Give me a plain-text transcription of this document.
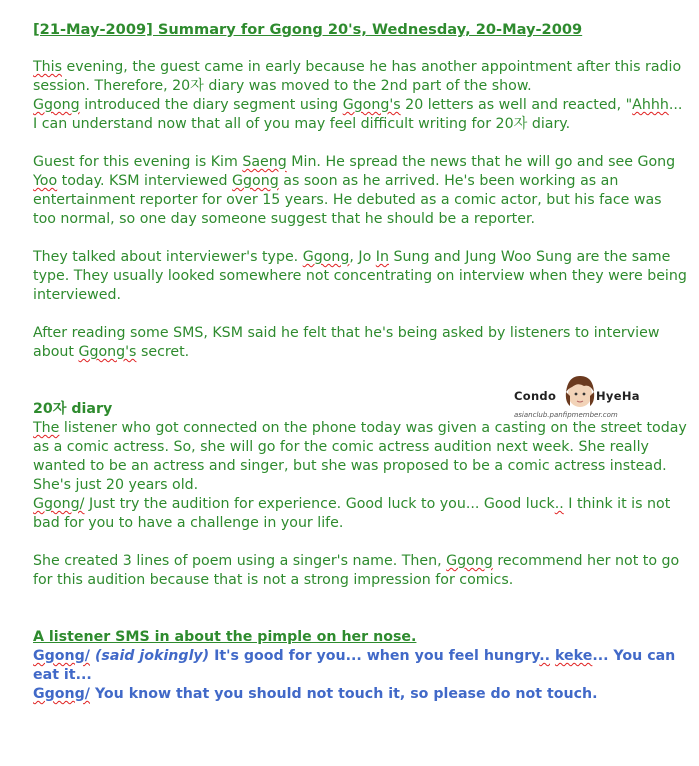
[21-May-2009] Summary for Ggong 20's, Wednesday, 20-May-2009

This evening, the guest came in early because he has another appointment after this radio session. Therefore, 20자 diary was moved to the 2nd part of the show.
Ggong introduced the diary segment using Ggong's 20 letters as well and reacted, "Ahhh... I can understand now that all of you may feel difficult writing for 20자 diary.

Guest for this evening is Kim Saeng Min. He spread the news that he will go and see Gong Yoo today. KSM interviewed Ggong as soon as he arrived. He's been working as an entertainment reporter for over 15 years. He debuted as a comic actor, but his face was too normal, so one day someone suggest that he should be a reporter.

They talked about interviewer's type. Ggong, Jo In Sung and Jung Woo Sung are the same type. They usually looked somewhere not concentrating on interview when they were being interviewed.

After reading some SMS, KSM said he felt that he's being asked by listeners to interview about Ggong's secret.

20자 diary

The listener who got connected on the phone today was given a casting on the street today as a comic actress. So, she will go for the comic actress audition next week. She really wanted to be an actress and singer, but she was proposed to be a comic actress instead. She's just 20 years old.
Ggong/ Just try the audition for experience. Good luck to you... Good luck.. I think it is not bad for you to have a challenge in your life.

She created 3 lines of poem using a singer's name. Then, Ggong recommend her not to go for this audition because that is not a strong impression for comics.

A listener SMS in about the pimple on her nose.

Ggong/ (said jokingly) It's good for you... when you feel hungry.. keke... You can eat it...

Ggong/ You know that you should not touch it, so please do not touch.

Condo	HyeHa
asianclub.panfipmember.com
